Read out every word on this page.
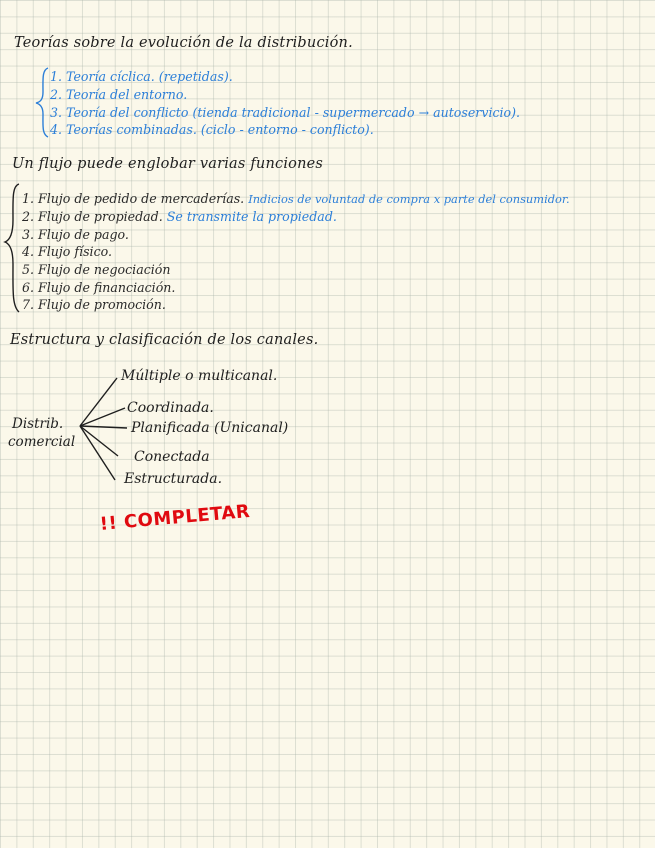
Teorías sobre la evolución de la distribución.
1. Teoría cíclica. (repetidas).
2. Teoría del entorno.
3. Teoría del conflicto (tienda tradicional - supermercado → autoservicio).
4. Teorías combinadas. (ciclo - entorno - conflicto).
Un flujo puede englobar varias funciones
1. Flujo de pedido de mercaderías. Indicios de voluntad de compra x parte del consumidor.
2. Flujo de propiedad. Se transmite la propiedad.
3. Flujo de pago.
4. Flujo físico.
5. Flujo de negociación
6. Flujo de financiación.
7. Flujo de promoción.
Estructura y clasificación de los canales.
Distrib.
comercial
Múltiple o multicanal.
Coordinada.
Planificada (Unicanal)
Conectada
Estructurada.
!! COMPLETAR
